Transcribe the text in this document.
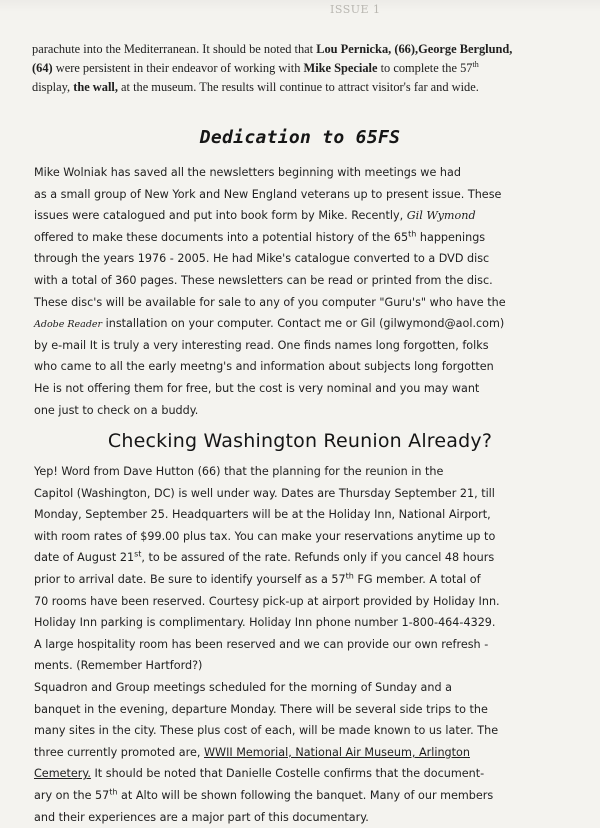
ISSUE 1
parachute into the Mediterranean. It should be noted that Lou Pernicka, (66),George Berglund,
(64) were persistent in their endeavor of working with Mike Speciale to complete the 57th
display, the wall, at the museum. The results will continue to attract visitor's far and wide.
Dedication to 65FS
Mike Wolniak has saved all the newsletters beginning with meetings we had
as a small group of New York and New England veterans up to present issue. These
issues were catalogued and put into book form by Mike. Recently, Gil Wymond
offered to make these documents into a potential history of the 65th happenings
through the years 1976 - 2005. He had Mike's catalogue converted to a DVD disc
with a total of 360 pages. These newsletters can be read or printed from the disc.
These disc's will be available for sale to any of you computer "Guru's" who have the
Adobe Reader installation on your computer. Contact me or Gil (gilwymond@aol.com)
by e-mail It is truly a very interesting read. One finds names long forgotten, folks
who came to all the early meetng's and information about subjects long forgotten
He is not offering them for free, but the cost is very nominal and you may want
one just to check on a buddy.
Checking Washington Reunion Already?
Yep! Word from Dave Hutton (66) that the planning for the reunion in the
Capitol (Washington, DC) is well under way. Dates are Thursday September 21, till
Monday, September 25. Headquarters will be at the Holiday Inn, National Airport,
with room rates of $99.00 plus tax. You can make your reservations anytime up to
date of August 21st, to be assured of the rate. Refunds only if you cancel 48 hours
prior to arrival date. Be sure to identify yourself as a 57th FG member. A total of
70 rooms have been reserved. Courtesy pick-up at airport provided by Holiday Inn.
Holiday Inn parking is complimentary. Holiday Inn phone number 1-800-464-4329.
A large hospitality room has been reserved and we can provide our own refresh -
ments. (Remember Hartford?)
Squadron and Group meetings scheduled for the morning of Sunday and a
banquet in the evening, departure Monday. There will be several side trips to the
many sites in the city. These plus cost of each, will be made known to us later. The
three currently promoted are, WWII Memorial, National Air Museum, Arlington
Cemetery. It should be noted that Danielle Costelle confirms that the document-
ary on the 57th at Alto will be shown following the banquet. Many of our members
and their experiences are a major part of this documentary.
